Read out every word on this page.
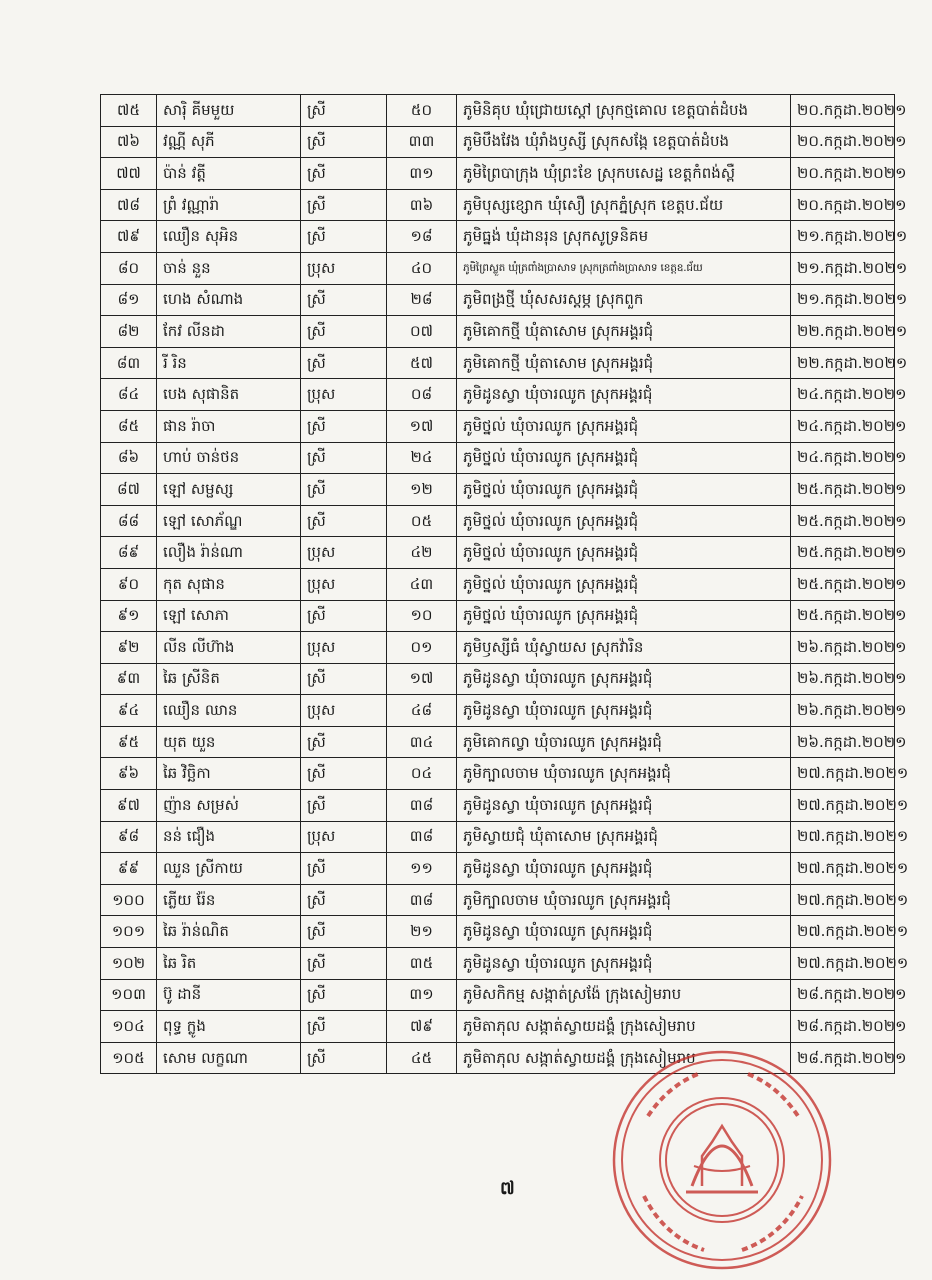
៧៥	សារ៉ិ គីមមួយ	ស្រី	៥០	ភូមិនិគុប ឃុំជ្រោយស្ដៅ ស្រុកថ្មគោល ខេត្តបាត់ដំបង	២០.កក្កដា.២០២១
៧៦	វណ្ណី សុភី	ស្រី	៣៣	ភូមិបឹងវែង ឃុំរាំងឫស្សី ស្រុកសង្កែ ខេត្តបាត់ដំបង	២០.កក្កដា.២០២១
៧៧	ប៉ាន់ វត្តី	ស្រី	៣១	ភូមិព្រៃបាក្រុង ឃុំព្រះខែ ស្រុកបសេដ្ឋ ខេត្តកំពង់ស្ពឺ	២០.កក្កដា.២០២១
៧៨	ព្រំ វណ្ណារ៉ា	ស្រី	៣៦	ភូមិបុស្សខ្សោក ឃុំសឿ ស្រុកភ្នំស្រុក ខេត្តប.ជ័យ	២០.កក្កដា.២០២១
៧៩	ឈឿន សុអិន	ស្រី	១៨	ភូមិធ្នង់ ឃុំដានរុន ស្រុកសូទ្រនិគម	២១.កក្កដា.២០២១
៨០	ចាន់ នួន	ប្រុស	៤០	ភូមិព្រៃស្លួត ឃុំត្រពាំងប្រាសាទ ស្រុកត្រពាំងប្រាសាទ ខេត្តឧ.ជ័យ	២១.កក្កដា.២០២១
៨១	ហេង សំណាង	ស្រី	២៨	ភូមិពង្រថ្មី ឃុំសសរស្ដម្ភ ស្រុកពួក	២១.កក្កដា.២០២១
៨២	កែវ លីនដា	ស្រី	០៧	ភូមិគោកថ្មី ឃុំតាសោម ស្រុកអង្គរជុំ	២២.កក្កដា.២០២១
៨៣	រី រិន	ស្រី	៥៧	ភូមិគោកថ្មី ឃុំតាសោម ស្រុកអង្គរជុំ	២២.កក្កដា.២០២១
៨៤	បេង សុផានិត	ប្រុស	០៨	ភូមិដូនស្វា ឃុំចារឈូក ស្រុកអង្គរជុំ	២៤.កក្កដា.២០២១
៨៥	ផាន រ៉ាចា	ស្រី	១៧	ភូមិថ្នល់ ឃុំចារឈូក ស្រុកអង្គរជុំ	២៤.កក្កដា.២០២១
៨៦	ហាប់ ចាន់ថន	ស្រី	២៤	ភូមិថ្នល់ ឃុំចារឈូក ស្រុកអង្គរជុំ	២៤.កក្កដា.២០២១
៨៧	ឡៅ សម្ផស្ស	ស្រី	១២	ភូមិថ្នល់ ឃុំចារឈូក ស្រុកអង្គរជុំ	២៥.កក្កដា.២០២១
៨៨	ឡៅ សោភ័ណ្ឌ	ស្រី	០៥	ភូមិថ្នល់ ឃុំចារឈូក ស្រុកអង្គរជុំ	២៥.កក្កដា.២០២១
៨៩	លឿង រ៉ាន់ណា	ប្រុស	៤២	ភូមិថ្នល់ ឃុំចារឈូក ស្រុកអង្គរជុំ	២៥.កក្កដា.២០២១
៩០	កុត សុផាន	ប្រុស	៤៣	ភូមិថ្នល់ ឃុំចារឈូក ស្រុកអង្គរជុំ	២៥.កក្កដា.២០២១
៩១	ឡៅ សោភា	ស្រី	១០	ភូមិថ្នល់ ឃុំចារឈូក ស្រុកអង្គរជុំ	២៥.កក្កដា.២០២១
៩២	លីន លីហ៊ាង	ប្រុស	០១	ភូមិឫស្សីធំ ឃុំស្វាយស ស្រុកវ៉ារិន	២៦.កក្កដា.២០២១
៩៣	ឆៃ ស្រីនិត	ស្រី	១៧	ភូមិដូនស្វា ឃុំចារឈូក ស្រុកអង្គរជុំ	២៦.កក្កដា.២០២១
៩៤	ឈឿន ឈាន	ប្រុស	៤៨	ភូមិដូនស្វា ឃុំចារឈូក ស្រុកអង្គរជុំ	២៦.កក្កដា.២០២១
៩៥	យុត យួន	ស្រី	៣៤	ភូមិគោកល្វា ឃុំចារឈូក ស្រុកអង្គរជុំ	២៦.កក្កដា.២០២១
៩៦	ឆៃ វិច្ឆិកា	ស្រី	០៤	ភូមិក្បាលចាម ឃុំចារឈូក ស្រុកអង្គរជុំ	២៧.កក្កដា.២០២១
៩៧	ញ៉ាន សម្រស់	ស្រី	៣៨	ភូមិដូនស្វា ឃុំចារឈូក ស្រុកអង្គរជុំ	២៧.កក្កដា.២០២១
៩៨	នន់ ជឿង	ប្រុស	៣៨	ភូមិស្វាយជុំ ឃុំតាសោម ស្រុកអង្គរជុំ	២៧.កក្កដា.២០២១
៩៩	ឈួន ស្រីកាយ	ស្រី	១១	ភូមិដូនស្វា ឃុំចារឈូក ស្រុកអង្គរជុំ	២៧.កក្កដា.២០២១
១០០	ភ្លើយ រ៉ែន	ស្រី	៣៨	ភូមិក្បាលចាម ឃុំចារឈូក ស្រុកអង្គរជុំ	២៧.កក្កដា.២០២១
១០១	ឆៃ រ៉ាន់ណិត	ស្រី	២១	ភូមិដូនស្វា ឃុំចារឈូក ស្រុកអង្គរជុំ	២៧.កក្កដា.២០២១
១០២	ឆៃ រិត	ស្រី	៣៥	ភូមិដូនស្វា ឃុំចារឈូក ស្រុកអង្គរជុំ	២៧.កក្កដា.២០២១
១០៣	ប៊ូ ដានី	ស្រី	៣១	ភូមិសកិកម្ម សង្កាត់ស្រង៉ែ ក្រុងសៀមរាប	២៨.កក្កដា.២០២១
១០៤	ពុទ្ធ ក្លូង	ស្រី	៧៩	ភូមិតាភុល សង្កាត់ស្វាយដង្គំ ក្រុងសៀមរាប	២៨.កក្កដា.២០២១
១០៥	សោម លក្ខណា	ស្រី	៤៥	ភូមិតាភុល សង្កាត់ស្វាយដង្គំ ក្រុងសៀមរាប	២៨.កក្កដា.២០២១
៧
